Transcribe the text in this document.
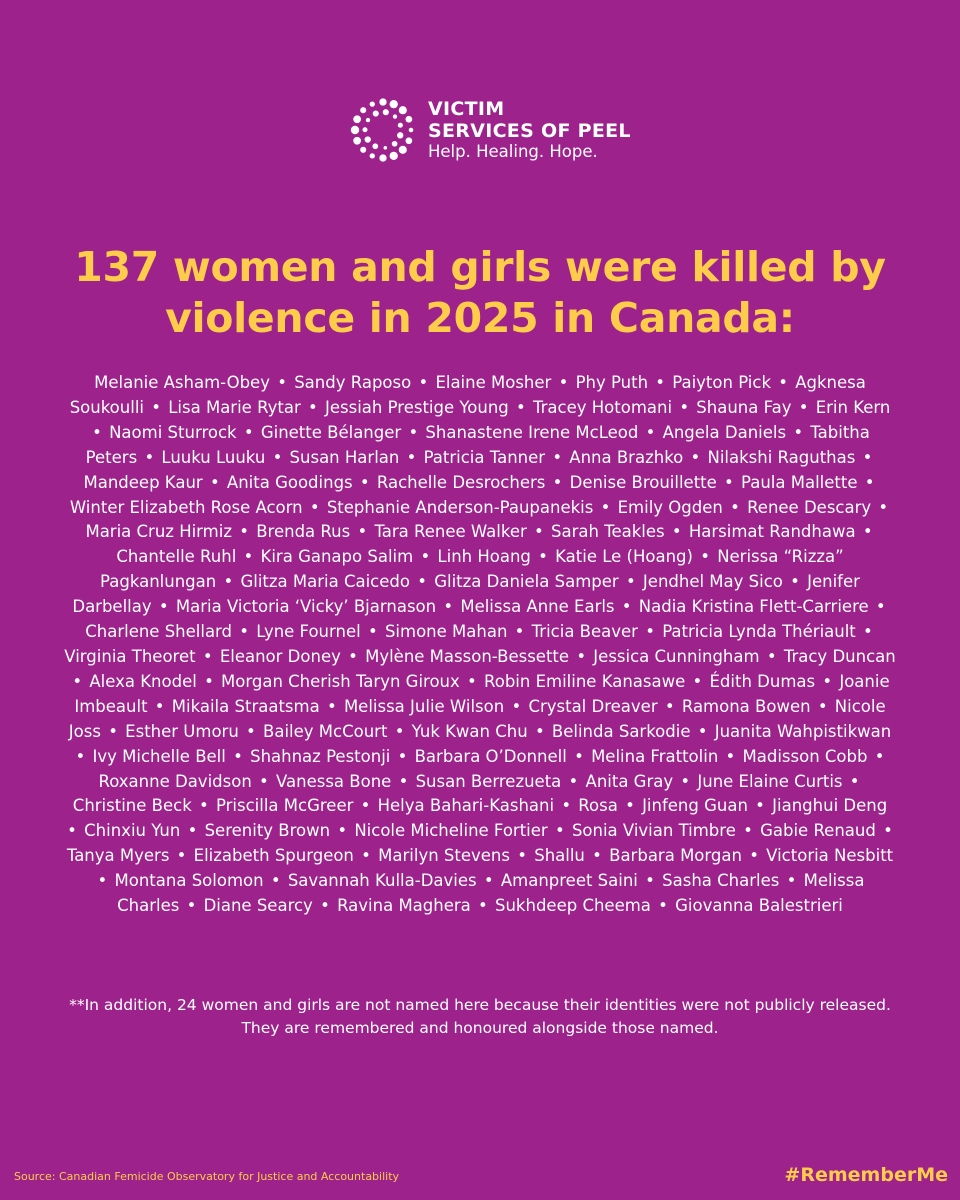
VICTIM
SERVICES OF PEEL
Help. Healing. Hope.
137 women and girls were killed by violence in 2025 in Canada:
Melanie Asham-Obey • Sandy Raposo • Elaine Mosher • Phy Puth • Paiyton Pick • Agknesa Soukoulli • Lisa Marie Rytar • Jessiah Prestige Young • Tracey Hotomani • Shauna Fay • Erin Kern • Naomi Sturrock • Ginette Bélanger • Shanastene Irene McLeod • Angela Daniels • Tabitha Peters • Luuku Luuku • Susan Harlan • Patricia Tanner • Anna Brazhko • Nilakshi Raguthas • Mandeep Kaur • Anita Goodings • Rachelle Desrochers • Denise Brouillette • Paula Mallette • Winter Elizabeth Rose Acorn • Stephanie Anderson-Paupanekis • Emily Ogden • Renee Descary • Maria Cruz Hirmiz • Brenda Rus • Tara Renee Walker • Sarah Teakles • Harsimat Randhawa • Chantelle Ruhl • Kira Ganapo Salim • Linh Hoang • Katie Le (Hoang) • Nerissa “Rizza” Pagkanlungan • Glitza Maria Caicedo • Glitza Daniela Samper • Jendhel May Sico • Jenifer Darbellay • Maria Victoria ‘Vicky’ Bjarnason • Melissa Anne Earls • Nadia Kristina Flett-Carriere • Charlene Shellard • Lyne Fournel • Simone Mahan • Tricia Beaver • Patricia Lynda Thériault • Virginia Theoret • Eleanor Doney • Mylène Masson-Bessette • Jessica Cunningham • Tracy Duncan • Alexa Knodel • Morgan Cherish Taryn Giroux • Robin Emiline Kanasawe • Édith Dumas • Joanie Imbeault • Mikaila Straatsma • Melissa Julie Wilson • Crystal Dreaver • Ramona Bowen • Nicole Joss • Esther Umoru • Bailey McCourt • Yuk Kwan Chu • Belinda Sarkodie • Juanita Wahpistikwan • Ivy Michelle Bell • Shahnaz Pestonji • Barbara O’Donnell • Melina Frattolin • Madisson Cobb • Roxanne Davidson • Vanessa Bone • Susan Berrezueta • Anita Gray • June Elaine Curtis • Christine Beck • Priscilla McGreer • Helya Bahari-Kashani • Rosa • Jinfeng Guan • Jianghui Deng • Chinxiu Yun • Serenity Brown • Nicole Micheline Fortier • Sonia Vivian Timbre • Gabie Renaud • Tanya Myers • Elizabeth Spurgeon • Marilyn Stevens • Shallu • Barbara Morgan • Victoria Nesbitt • Montana Solomon • Savannah Kulla-Davies • Amanpreet Saini • Sasha Charles • Melissa Charles • Diane Searcy • Ravina Maghera • Sukhdeep Cheema • Giovanna Balestrieri

**In addition, 24 women and girls are not named here because their identities were not publicly released. They are remembered and honoured alongside those named.

Source: Canadian Femicide Observatory for Justice and Accountability	#RememberMe
